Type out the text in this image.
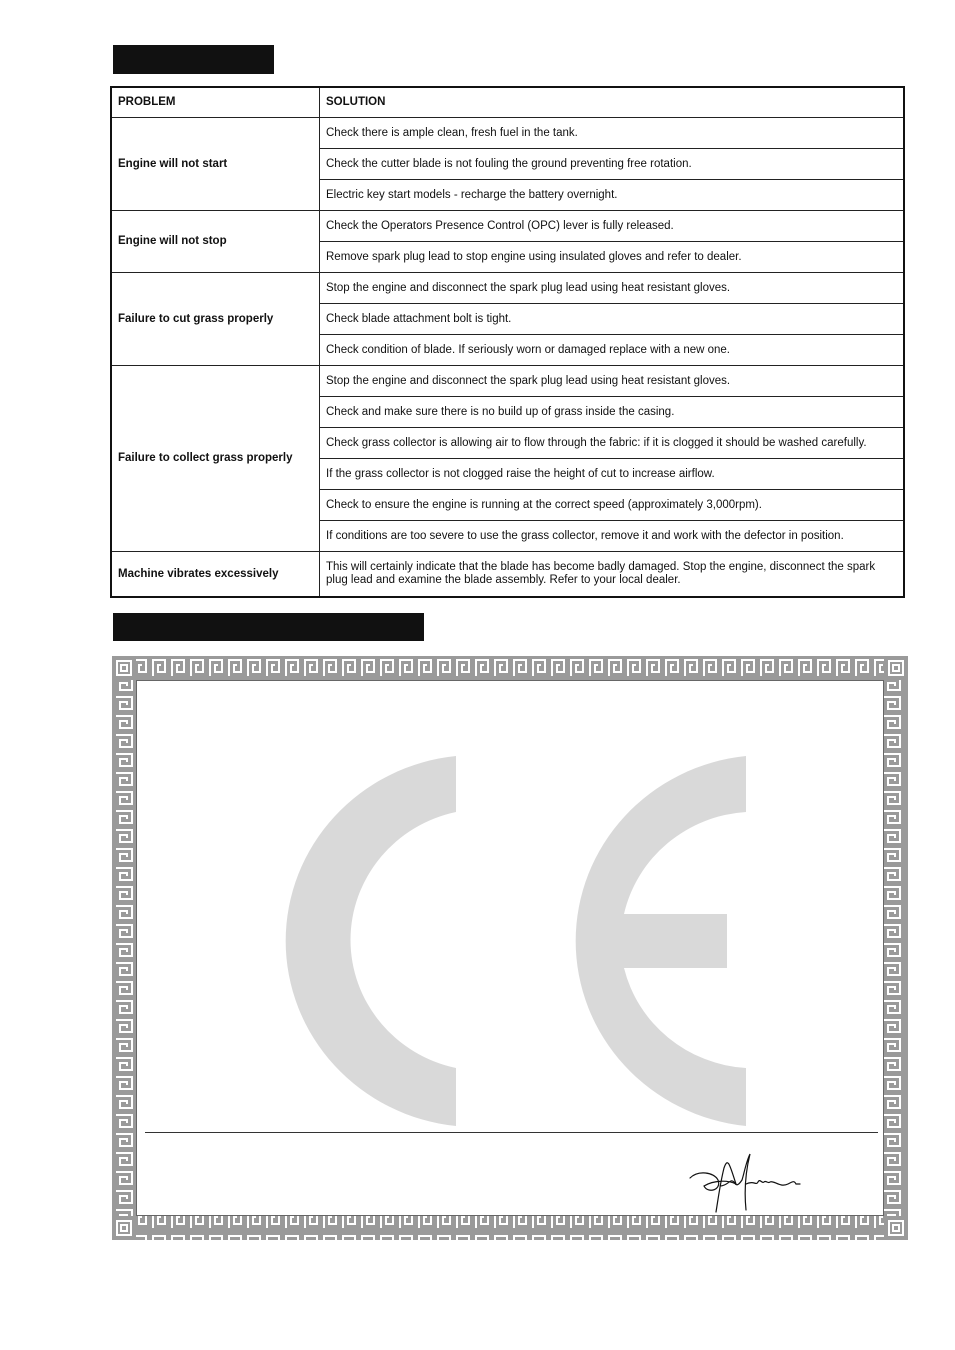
PROBLEM	SOLUTION
Engine will not start	Check there is ample clean, fresh fuel in the tank.
	Check the cutter blade is not fouling the ground preventing free rotation.
	Electric key start models - recharge the battery overnight.
Engine will not stop	Check the Operators Presence Control (OPC) lever is fully released.
	Remove spark plug lead to stop engine using insulated gloves and refer to dealer.
Failure to cut grass properly	Stop the engine and disconnect the spark plug lead using heat resistant gloves.
	Check blade attachment bolt is tight.
	Check condition of blade. If seriously worn or damaged replace with a new one.
Failure to collect grass properly	Stop the engine and disconnect the spark plug lead using heat resistant gloves.
	Check and make sure there is no build up of grass inside the casing.
	Check grass collector is allowing air to flow through the fabric: if it is clogged it should be washed carefully.
	If the grass collector is not clogged raise the height of cut to increase airflow.
	Check to ensure the engine is running at the correct speed (approximately 3,000rpm).
	If conditions are too severe to use the grass collector, remove it and work with the defector in position.
Machine vibrates excessively	This will certainly indicate that the blade has become badly damaged. Stop the engine, disconnect the spark plug lead and examine the blade assembly. Refer to your local dealer.
